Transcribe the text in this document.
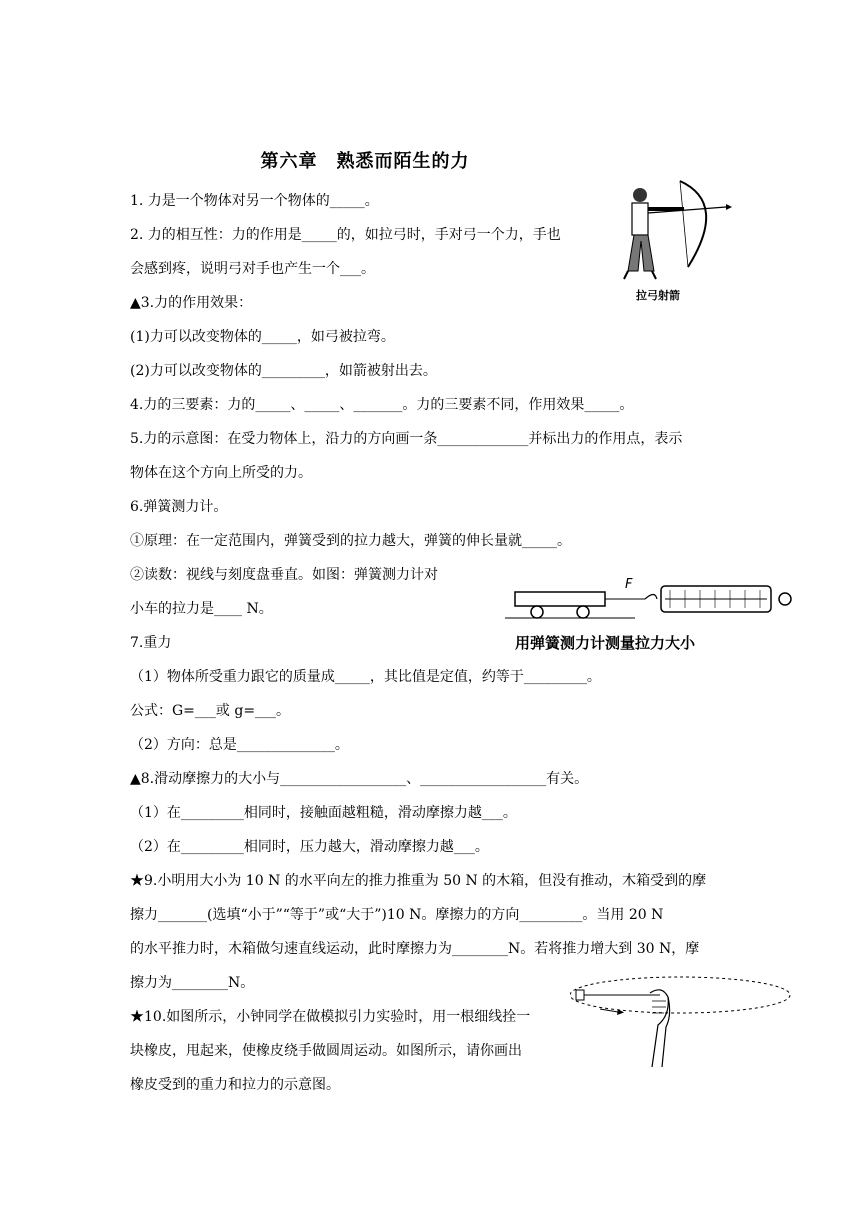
第六章　熟悉而陌生的力
1. 力是一个物体对另一个物体的_____。
2. 力的相互性：力的作用是_____的，如拉弓时，手对弓一个力，手也
会感到疼，说明弓对手也产生一个___。
▲3.力的作用效果：
(1)力可以改变物体的_____，如弓被拉弯。
(2)力可以改变物体的_________，如箭被射出去。
4.力的三要素：力的_____、_____、_______。力的三要素不同，作用效果_____。
5.力的示意图：在受力物体上，沿力的方向画一条_____________并标出力的作用点，表示
物体在这个方向上所受的力。
6.弹簧测力计。
①原理：在一定范围内，弹簧受到的拉力越大，弹簧的伸长量就_____。
②读数：视线与刻度盘垂直。如图：弹簧测力计对
小车的拉力是____ N。
7.重力
（1）物体所受重力跟它的质量成_____，其比值是定值，约等于_________。
公式：G=___或 g=___。
（2）方向：总是______________。
▲8.滑动摩擦力的大小与__________________、__________________有关。
（1）在_________相同时，接触面越粗糙，滑动摩擦力越___。
（2）在_________相同时，压力越大，滑动摩擦力越___。
★9.小明用大小为 10 N 的水平向左的推力推重为 50 N 的木箱，但没有推动，木箱受到的摩
擦力_______(选填“小于”“等于”或“大于”)10 N。摩擦力的方向_________。当用 20 N
的水平推力时，木箱做匀速直线运动，此时摩擦力为________N。若将推力增大到 30 N，摩
擦力为________N。
★10.如图所示，小钟同学在做模拟引力实验时，用一根细线拴一
块橡皮，甩起来，使橡皮绕手做圆周运动。如图所示，请你画出
橡皮受到的重力和拉力的示意图。
拉弓射箭
F
用弹簧测力计测量拉力大小
